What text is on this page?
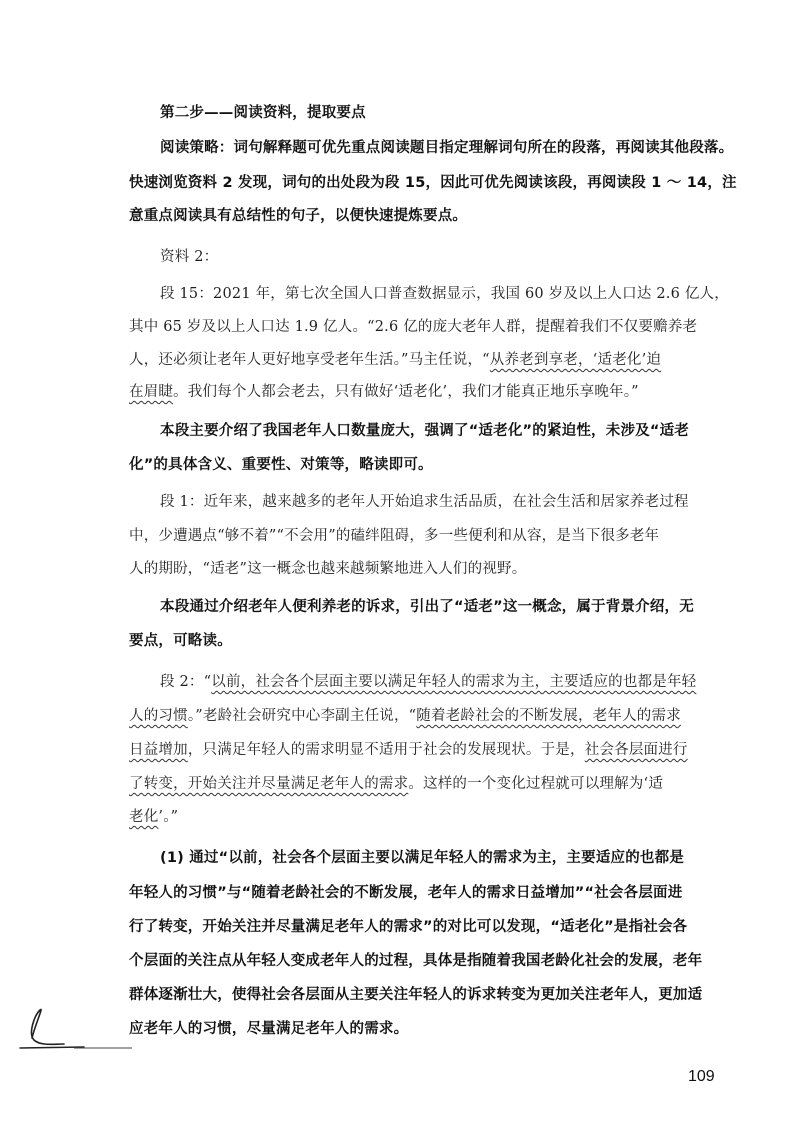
第二步——阅读资料，提取要点
阅读策略：词句解释题可优先重点阅读题目指定理解词句所在的段落，再阅读其他段落。
快速浏览资料 2 发现，词句的出处段为段 15，因此可优先阅读该段，再阅读段 1 ～ 14，注
意重点阅读具有总结性的句子，以便快速提炼要点。
资料 2：
段 15：2021 年，第七次全国人口普查数据显示，我国 60 岁及以上人口达 2.6 亿人，
其中 65 岁及以上人口达 1.9 亿人。“2.6 亿的庞大老年人群，提醒着我们不仅要赡养老
人，还必须让老年人更好地享受老年生活。”马主任说，“从养老到享老，‘适老化’迫
在眉睫。我们每个人都会老去，只有做好‘适老化’，我们才能真正地乐享晚年。”
本段主要介绍了我国老年人口数量庞大，强调了“适老化”的紧迫性，未涉及“适老
化”的具体含义、重要性、对策等，略读即可。
段 1：近年来，越来越多的老年人开始追求生活品质，在社会生活和居家养老过程
中，少遭遇点“够不着”“不会用”的磕绊阻碍，多一些便利和从容，是当下很多老年
人的期盼，“适老”这一概念也越来越频繁地进入人们的视野。
本段通过介绍老年人便利养老的诉求，引出了“适老”这一概念，属于背景介绍，无
要点，可略读。
段 2：“以前，社会各个层面主要以满足年轻人的需求为主，主要适应的也都是年轻
人的习惯。”老龄社会研究中心李副主任说，“随着老龄社会的不断发展，老年人的需求
日益增加，只满足年轻人的需求明显不适用于社会的发展现状。于是，社会各层面进行
了转变，开始关注并尽量满足老年人的需求。这样的一个变化过程就可以理解为‘适
老化’。”
(1) 通过“以前，社会各个层面主要以满足年轻人的需求为主，主要适应的也都是
年轻人的习惯”与“随着老龄社会的不断发展，老年人的需求日益增加”“社会各层面进
行了转变，开始关注并尽量满足老年人的需求”的对比可以发现，“适老化”是指社会各
个层面的关注点从年轻人变成老年人的过程，具体是指随着我国老龄化社会的发展，老年
群体逐渐壮大，使得社会各层面从主要关注年轻人的诉求转变为更加关注老年人，更加适
应老年人的习惯，尽量满足老年人的需求。
109
